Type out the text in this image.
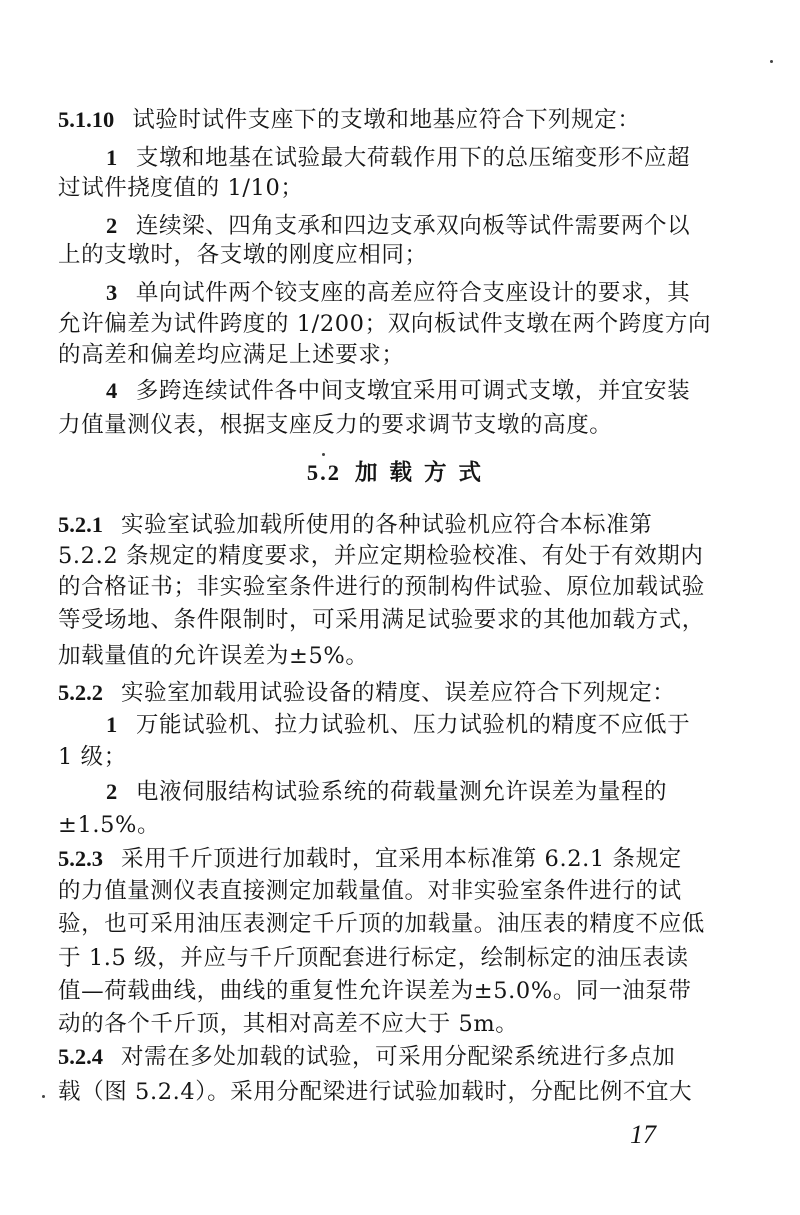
5.1.10 试验时试件支座下的支墩和地基应符合下列规定：
1 支墩和地基在试验最大荷载作用下的总压缩变形不应超
过试件挠度值的 1/10；
2 连续梁、四角支承和四边支承双向板等试件需要两个以
上的支墩时，各支墩的刚度应相同；
3 单向试件两个铰支座的高差应符合支座设计的要求，其
允许偏差为试件跨度的 1/200；双向板试件支墩在两个跨度方向
的高差和偏差均应满足上述要求；
4 多跨连续试件各中间支墩宜采用可调式支墩，并宜安装
力值量测仪表，根据支座反力的要求调节支墩的高度。
5.2 加载方式
5.2.1 实验室试验加载所使用的各种试验机应符合本标准第
5.2.2 条规定的精度要求，并应定期检验校准、有处于有效期内
的合格证书；非实验室条件进行的预制构件试验、原位加载试验
等受场地、条件限制时，可采用满足试验要求的其他加载方式，
加载量值的允许误差为±5%。
5.2.2 实验室加载用试验设备的精度、误差应符合下列规定：
1 万能试验机、拉力试验机、压力试验机的精度不应低于
1 级；
2 电液伺服结构试验系统的荷载量测允许误差为量程的
±1.5%。
5.2.3 采用千斤顶进行加载时，宜采用本标准第 6.2.1 条规定
的力值量测仪表直接测定加载量值。对非实验室条件进行的试
验，也可采用油压表测定千斤顶的加载量。油压表的精度不应低
于 1.5 级，并应与千斤顶配套进行标定，绘制标定的油压表读
值—荷载曲线，曲线的重复性允许误差为±5.0%。同一油泵带
动的各个千斤顶，其相对高差不应大于 5m。
5.2.4 对需在多处加载的试验，可采用分配梁系统进行多点加
载（图 5.2.4）。采用分配梁进行试验加载时，分配比例不宜大
17
